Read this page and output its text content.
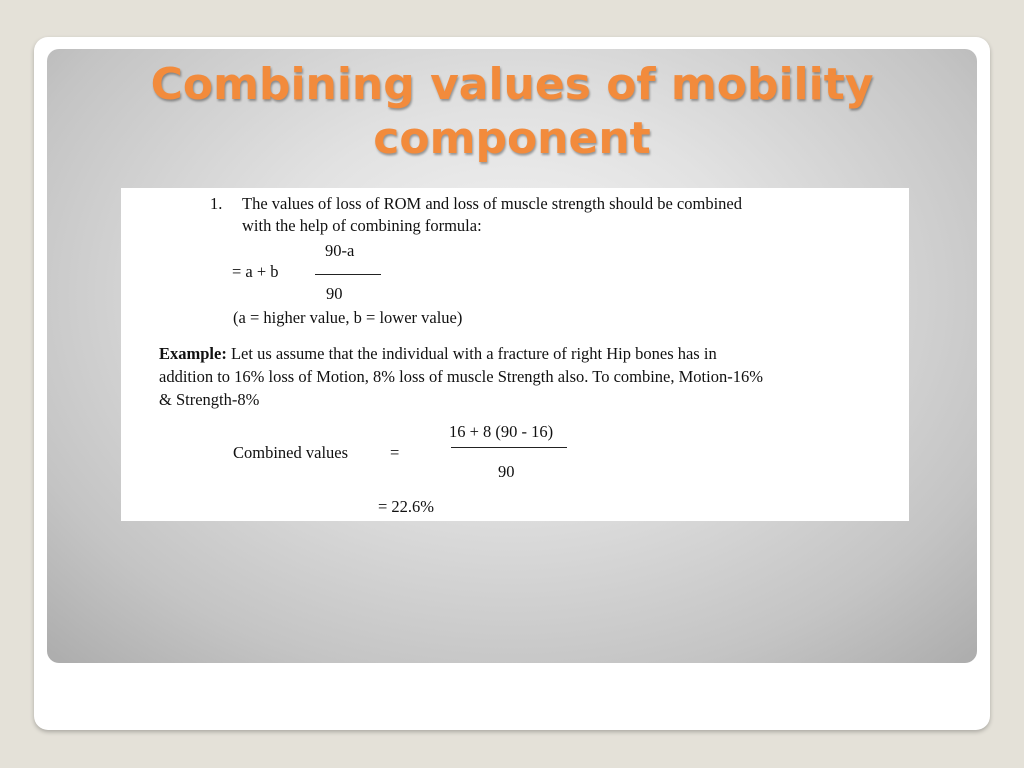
Combining values of mobility
component
1. The values of loss of ROM and loss of muscle strength should be combined
with the help of combining formula:
90-a
= a + b
90
(a = higher value, b = lower value)
Example: Let us assume that the individual with a fracture of right Hip bones has in
addition to 16% loss of Motion, 8% loss of muscle Strength also. To combine, Motion-16%
& Strength-8%
16 + 8 (90 - 16)
Combined values	=
90
= 22.6%
